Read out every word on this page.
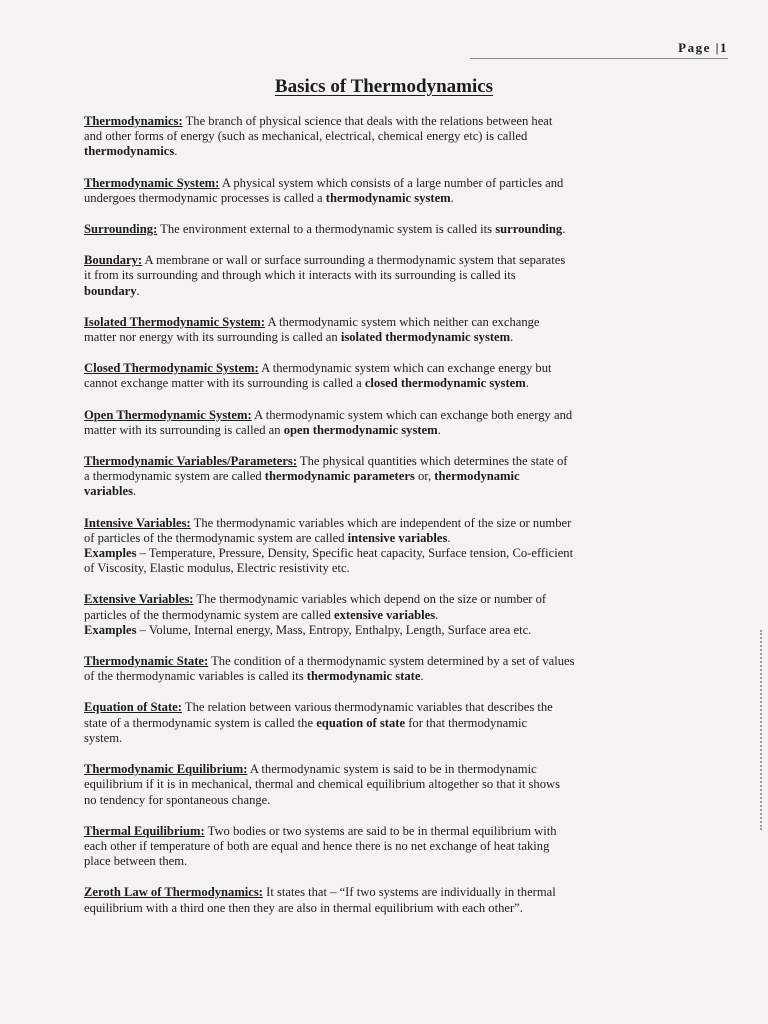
Page |1
Basics of Thermodynamics
Thermodynamics: The branch of physical science that deals with the relations between heat
and other forms of energy (such as mechanical, electrical, chemical energy etc) is called
thermodynamics.
Thermodynamic System: A physical system which consists of a large number of particles and
undergoes thermodynamic processes is called a thermodynamic system.
Surrounding: The environment external to a thermodynamic system is called its surrounding.
Boundary: A membrane or wall or surface surrounding a thermodynamic system that separates
it from its surrounding and through which it interacts with its surrounding is called its
boundary.
Isolated Thermodynamic System: A thermodynamic system which neither can exchange
matter nor energy with its surrounding is called an isolated thermodynamic system.
Closed Thermodynamic System: A thermodynamic system which can exchange energy but
cannot exchange matter with its surrounding is called a closed thermodynamic system.
Open Thermodynamic System: A thermodynamic system which can exchange both energy and
matter with its surrounding is called an open thermodynamic system.
Thermodynamic Variables/Parameters: The physical quantities which determines the state of
a thermodynamic system are called thermodynamic parameters or, thermodynamic
variables.
Intensive Variables: The thermodynamic variables which are independent of the size or number
of particles of the thermodynamic system are called intensive variables.
Examples – Temperature, Pressure, Density, Specific heat capacity, Surface tension, Co-efficient
of Viscosity, Elastic modulus, Electric resistivity etc.
Extensive Variables: The thermodynamic variables which depend on the size or number of
particles of the thermodynamic system are called extensive variables.
Examples – Volume, Internal energy, Mass, Entropy, Enthalpy, Length, Surface area etc.
Thermodynamic State: The condition of a thermodynamic system determined by a set of values
of the thermodynamic variables is called its thermodynamic state.
Equation of State: The relation between various thermodynamic variables that describes the
state of a thermodynamic system is called the equation of state for that thermodynamic
system.
Thermodynamic Equilibrium: A thermodynamic system is said to be in thermodynamic
equilibrium if it is in mechanical, thermal and chemical equilibrium altogether so that it shows
no tendency for spontaneous change.
Thermal Equilibrium: Two bodies or two systems are said to be in thermal equilibrium with
each other if temperature of both are equal and hence there is no net exchange of heat taking
place between them.
Zeroth Law of Thermodynamics: It states that – “If two systems are individually in thermal
equilibrium with a third one then they are also in thermal equilibrium with each other”.
